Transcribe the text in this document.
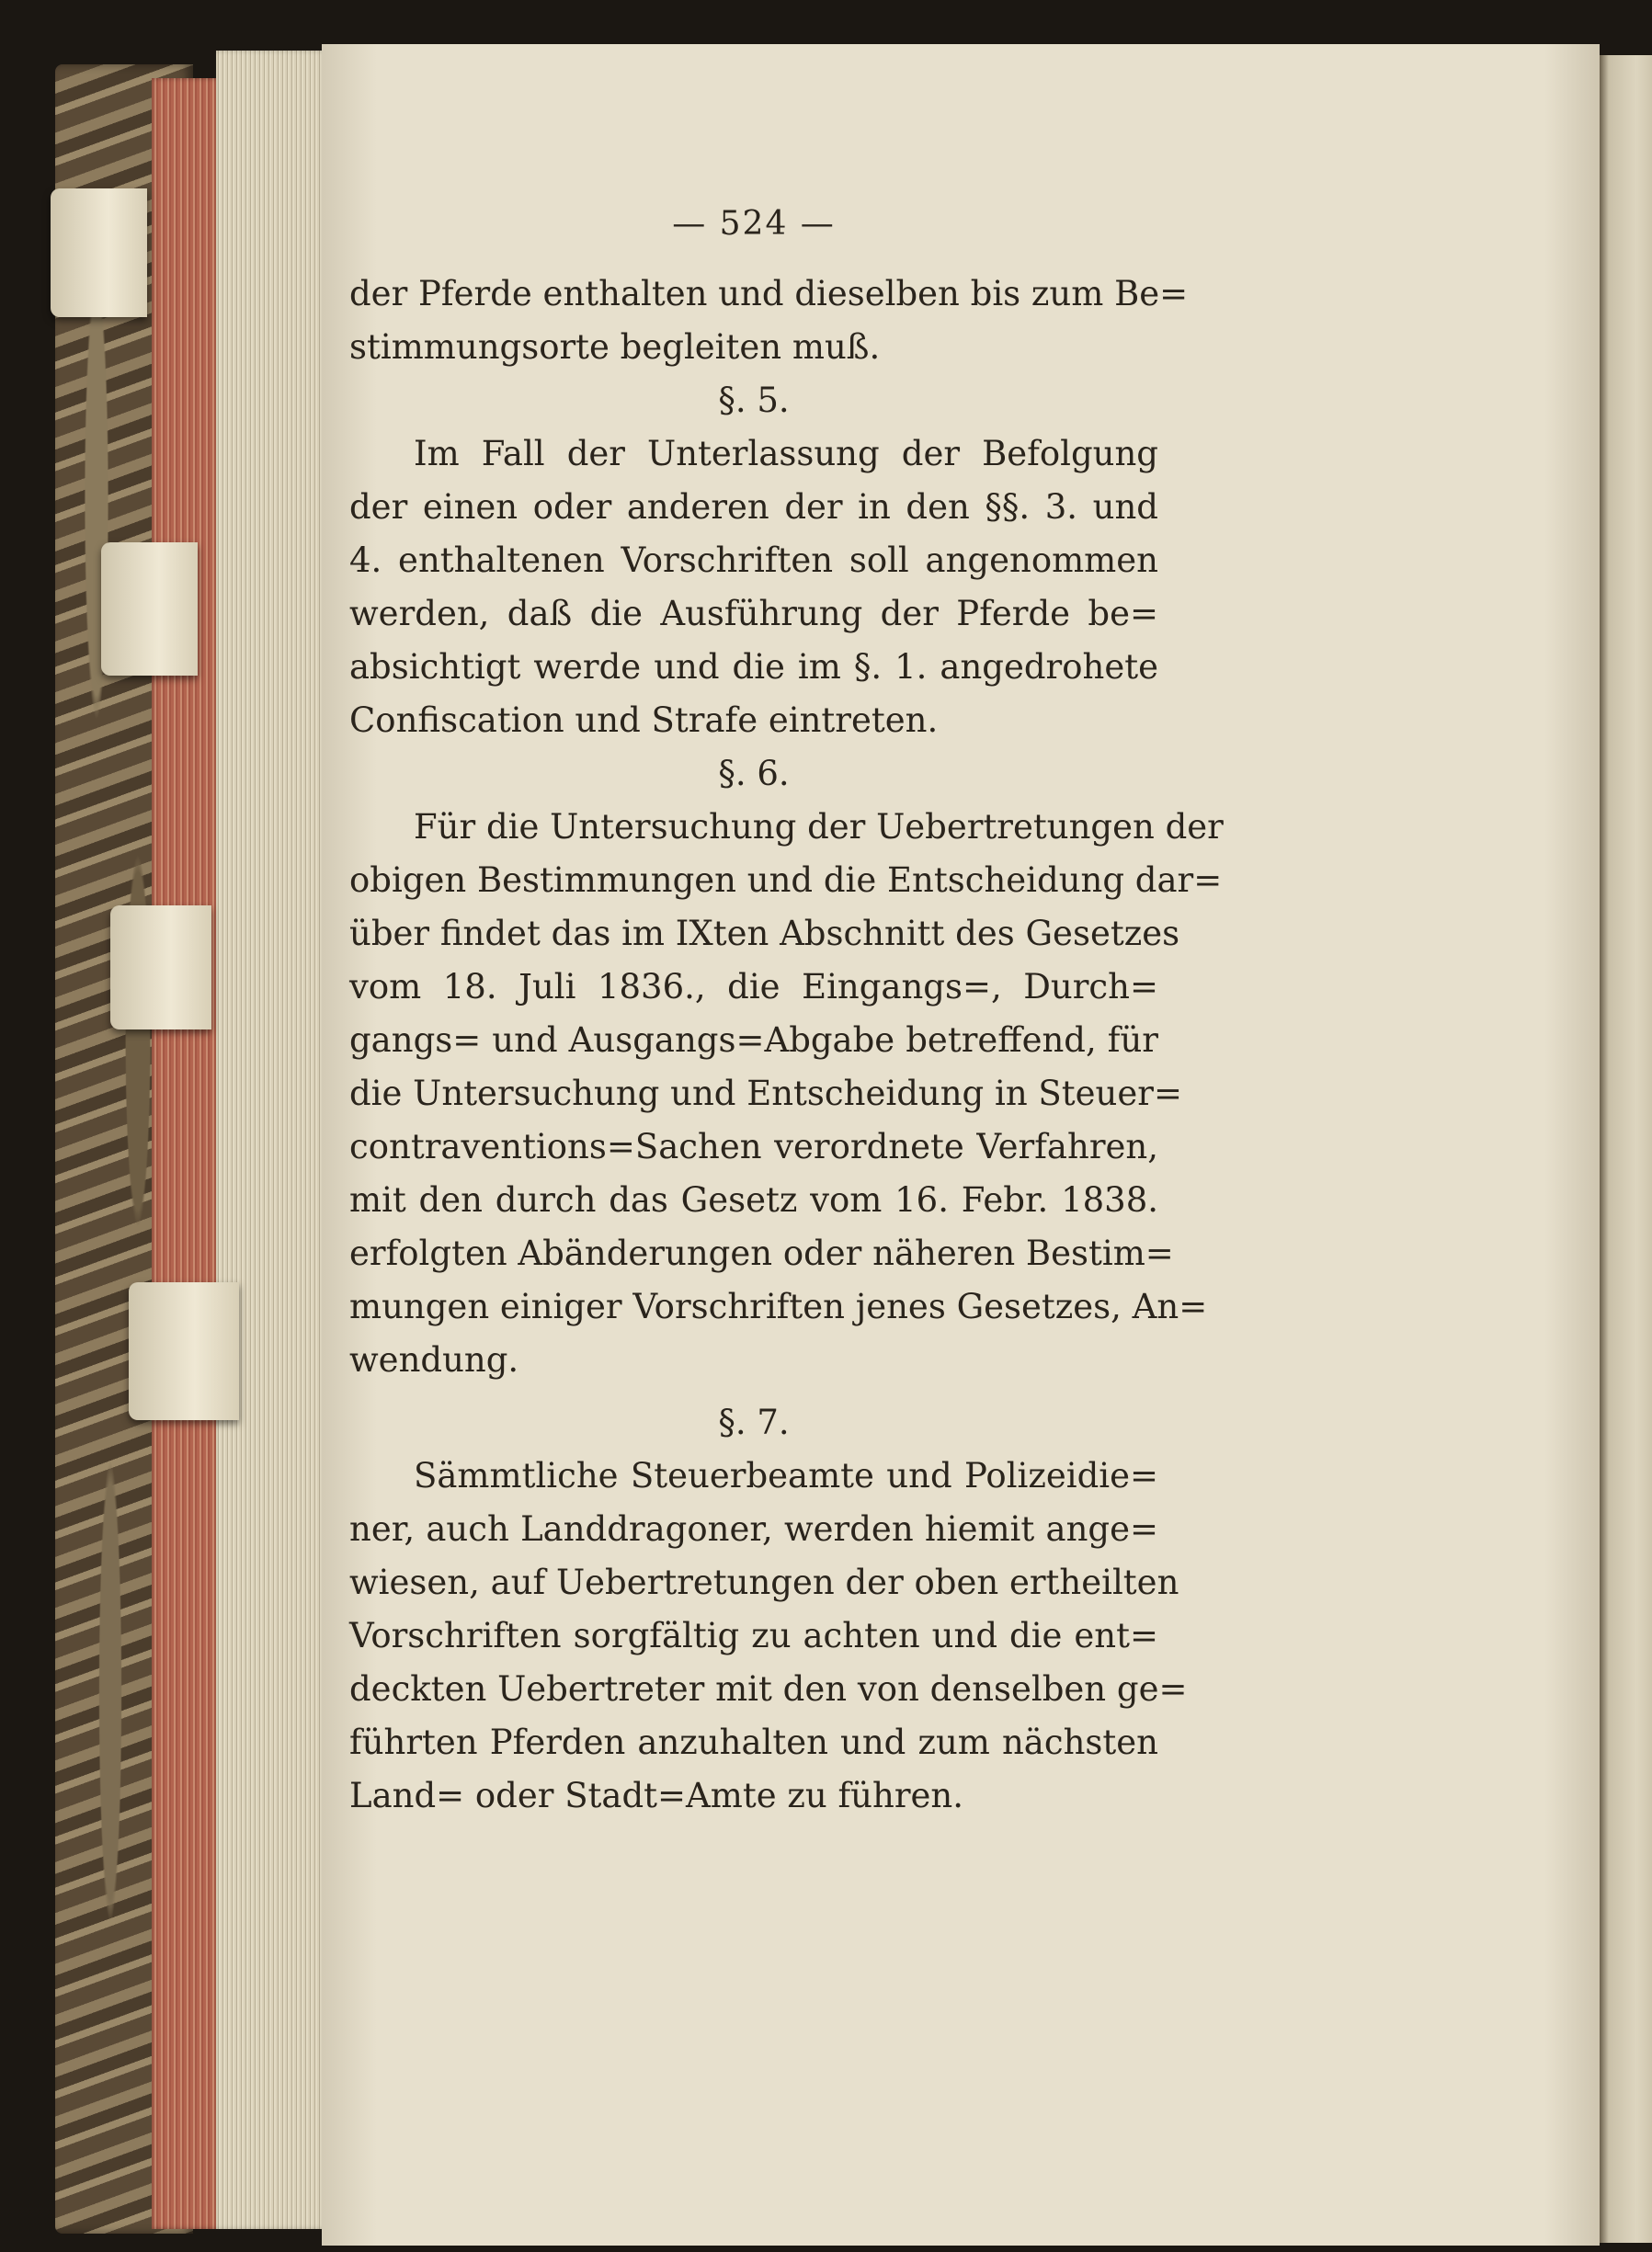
— 524 —
der Pferde enthalten und dieselben bis zum Be=
stimmungsorte begleiten muß.
§. 5.
Im Fall der Unterlassung der Befolgung
der einen oder anderen der in den §§. 3. und
4. enthaltenen Vorschriften soll angenommen
werden, daß die Ausführung der Pferde be=
absichtigt werde und die im §. 1. angedrohete
Confiscation und Strafe eintreten.
§. 6.
Für die Untersuchung der Uebertretungen der
obigen Bestimmungen und die Entscheidung dar=
über findet das im IXten Abschnitt des Gesetzes
vom 18. Juli 1836., die Eingangs=, Durch=
gangs= und Ausgangs=Abgabe betreffend, für
die Untersuchung und Entscheidung in Steuer=
contraventions=Sachen verordnete Verfahren,
mit den durch das Gesetz vom 16. Febr. 1838.
erfolgten Abänderungen oder näheren Bestim=
mungen einiger Vorschriften jenes Gesetzes, An=
wendung.
§. 7.
Sämmtliche Steuerbeamte und Polizeidie=
ner, auch Landdragoner, werden hiemit ange=
wiesen, auf Uebertretungen der oben ertheilten
Vorschriften sorgfältig zu achten und die ent=
deckten Uebertreter mit den von denselben ge=
führten Pferden anzuhalten und zum nächsten
Land= oder Stadt=Amte zu führen.
